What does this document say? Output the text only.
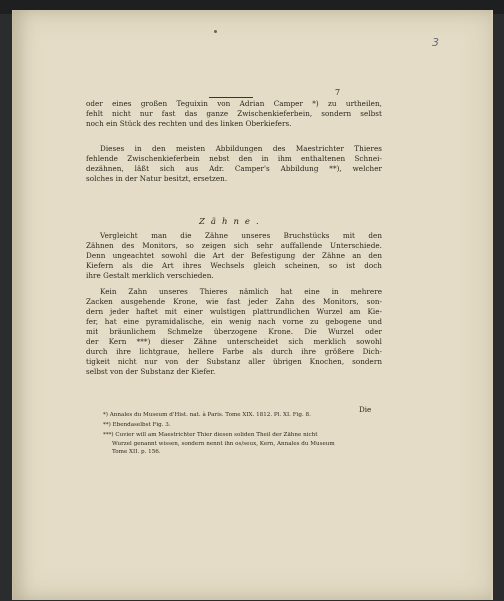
3
7
oder eines großen Teguixin von Adrian Camper *) zu urtheilen,
fehlt nicht nur fast das ganze Zwischenkieferbein, sondern selbst
noch ein Stück des rechten und des linken Oberkiefers.
Dieses in den meisten Abbildungen des Maestrichter Thieres
fehlende Zwischenkieferbein nebst den in ihm enthaltenen Schnei-
dezähnen, läßt sich aus Adr. Camper's Abbildung **), welcher
solches in der Natur besitzt, ersetzen.
Zähne.
Vergleicht man die Zähne unseres Bruchstücks mit den
Zähnen des Monitors, so zeigen sich sehr auffallende Unterschiede.
Denn ungeachtet sowohl die Art der Befestigung der Zähne an den
Kiefern als die Art ihres Wechsels gleich scheinen, so ist doch
ihre Gestalt merklich verschieden.
Kein Zahn unseres Thieres nämlich hat eine in mehrere
Zacken ausgehende Krone, wie fast jeder Zahn des Monitors, son-
dern jeder haftet mit einer wulstigen plattrundlichen Wurzel am Kie-
fer, hat eine pyramidalische, ein wenig nach vorne zu gebogene und
mit bräunlichem Schmelze überzogene Krone. Die Wurzel oder
der Kern ***) dieser Zähne unterscheidet sich merklich sowohl
durch ihre lichtgraue, hellere Farbe als durch ihre größere Dich-
tigkeit nicht nur von der Substanz aller übrigen Knochen, sondern
selbst von der Substanz der Kiefer.
Die
*) Annales du Museum d'Hist. nat. à Paris. Tome XIX. 1812. Pl. XI. Fig. 8.
**) Ebendaselbst Fig. 3.
***) Cuvier will am Maestrichter Thier diesen soliden Theil der Zähne nicht
Wurzel genannt wissen, sondern nennt ihn os/seux, Kern, Annales du Museum
Tome XII. p. 156.
